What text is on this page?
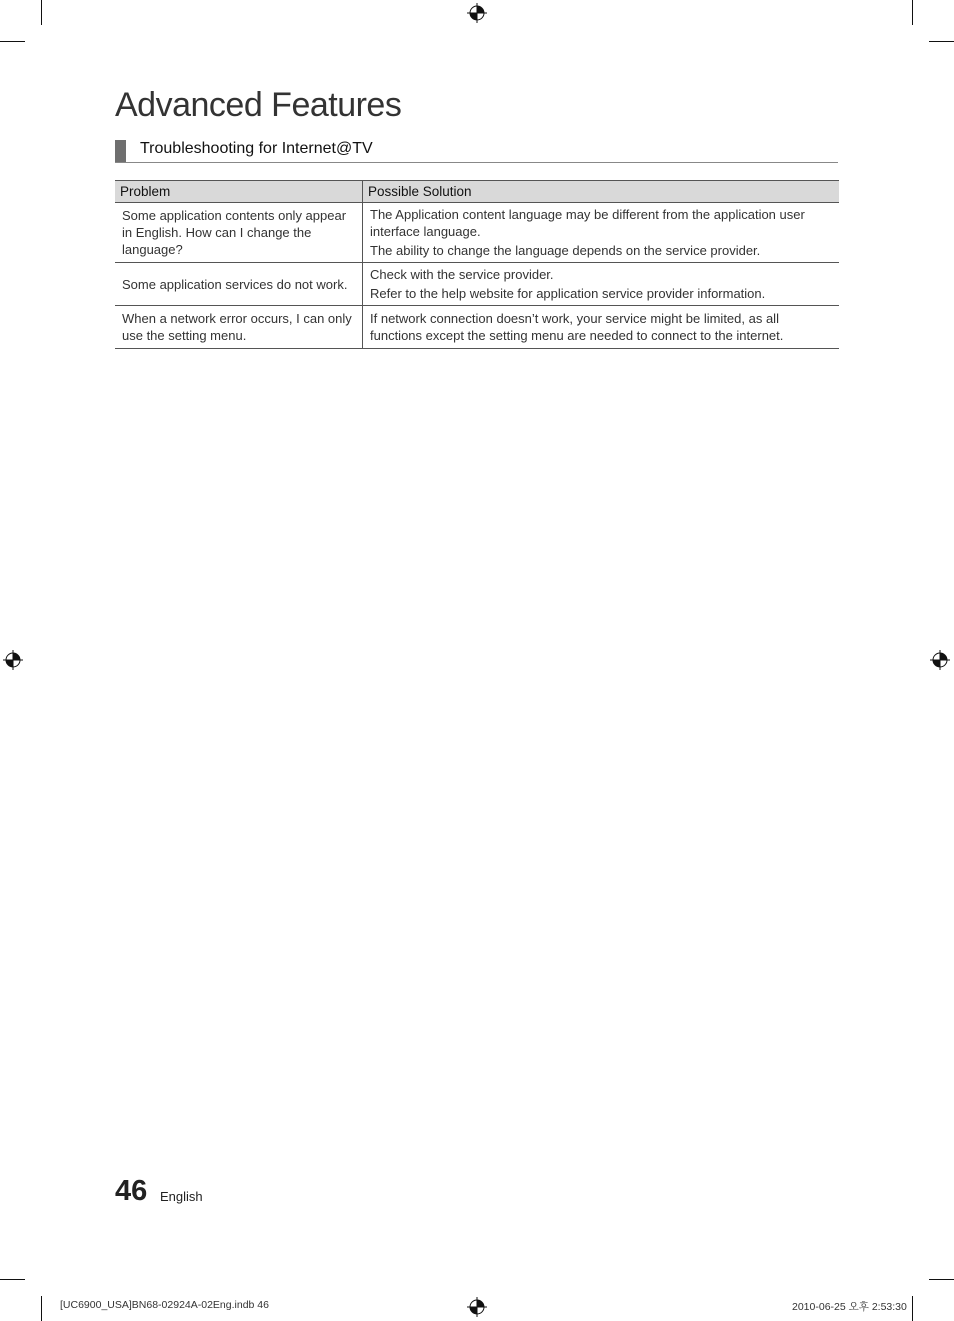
Advanced Features
Troubleshooting for Internet@TV
Problem	Possible Solution
Some application contents only appear in English. How can I change the language?	The Application content language may be different from the application user interface language.
The ability to change the language depends on the service provider.

Some application services do not work.	Check with the service provider.
Refer to the help website for application service provider information.

When a network error occurs, I can only use the setting menu.	If network connection doesn’t work, your service might be limited, as all functions except the setting menu are needed to connect to the internet.
46 English
[UC6900_USA]BN68-02924A-02Eng.indb 46	2010-06-25 오후 2:53:30
